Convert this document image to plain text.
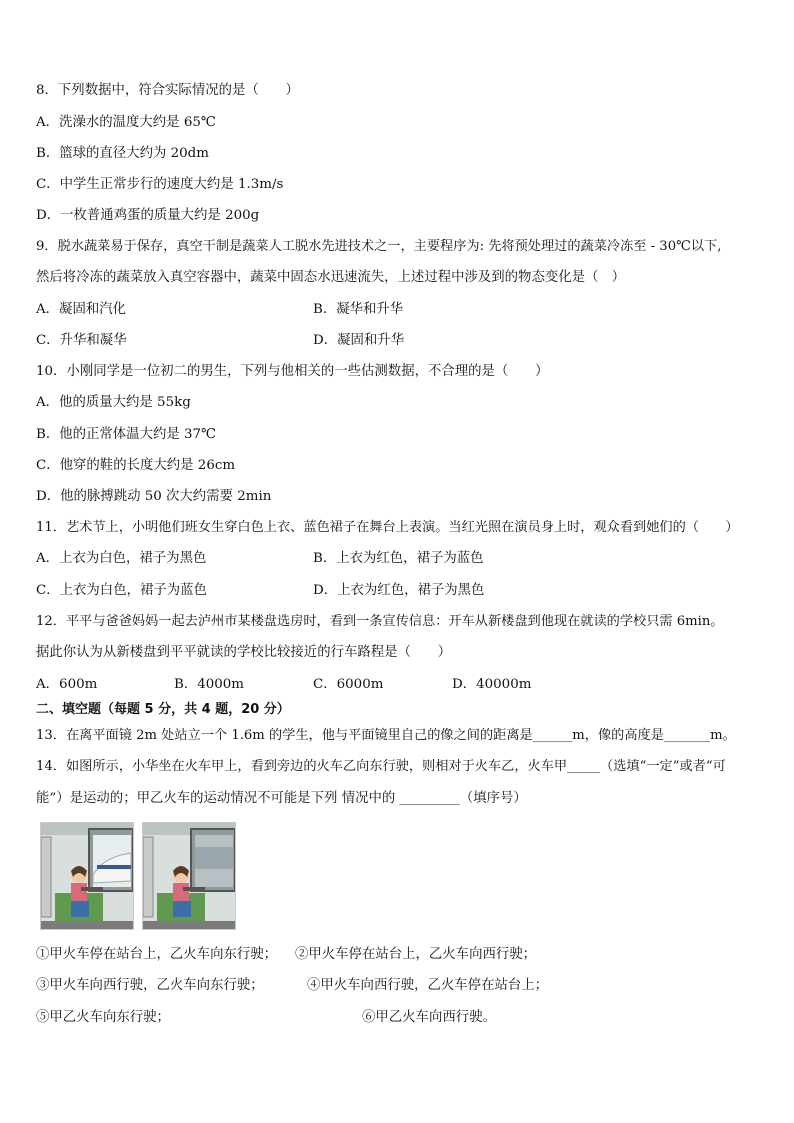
8．下列数据中，符合实际情况的是（　　）
A．洗澡水的温度大约是 65℃
B．篮球的直径大约为 20dm
C．中学生正常步行的速度大约是 1.3m/s
D．一枚普通鸡蛋的质量大约是 200g
9．脱水蔬菜易于保存，真空干制是蔬菜人工脱水先进技术之一，主要程序为: 先将预处理过的蔬菜冷冻至 - 30℃以下,
然后将冷冻的蔬菜放入真空容器中，蔬菜中固态水迅速流失，上述过程中涉及到的物态变化是（　）
A．凝固和汽化	B．凝华和升华
C．升华和凝华	D．凝固和升华
10．小刚同学是一位初二的男生，下列与他相关的一些估测数据，不合理的是（　　）
A．他的质量大约是 55kg
B．他的正常体温大约是 37℃
C．他穿的鞋的长度大约是 26cm
D．他的脉搏跳动 50 次大约需要 2min
11．艺术节上，小明他们班女生穿白色上衣、蓝色裙子在舞台上表演。当红光照在演员身上时，观众看到她们的（　　）
A．上衣为白色，裙子为黑色	B．上衣为红色，裙子为蓝色
C．上衣为白色，裙子为蓝色	D．上衣为红色，裙子为黑色
12．平平与爸爸妈妈一起去泸州市某楼盘选房时，看到一条宣传信息：开车从新楼盘到他现在就读的学校只需 6min。
据此你认为从新楼盘到平平就读的学校比较接近的行车路程是（　　）
A．600m	B．4000m	C．6000m	D．40000m
二、填空题（每题 5 分，共 4 题，20 分）
13．在离平面镜 2m 处站立一个 1.6m 的学生，他与平面镜里自己的像之间的距离是______m，像的高度是_______m。
14．如图所示，小华坐在火车甲上，看到旁边的火车乙向东行驶，则相对于火车乙，火车甲_____（选填“一定”或者“可
能”）是运动的；甲乙火车的运动情况不可能是下列 情况中的 _________（填序号）
①甲火车停在站台上，乙火车向东行驶； ②甲火车停在站台上，乙火车向西行驶；
③甲火车向西行驶，乙火车向东行驶；	④甲火车向西行驶，乙火车停在站台上；
⑤甲乙火车向东行驶；	⑥甲乙火车向西行驶。
